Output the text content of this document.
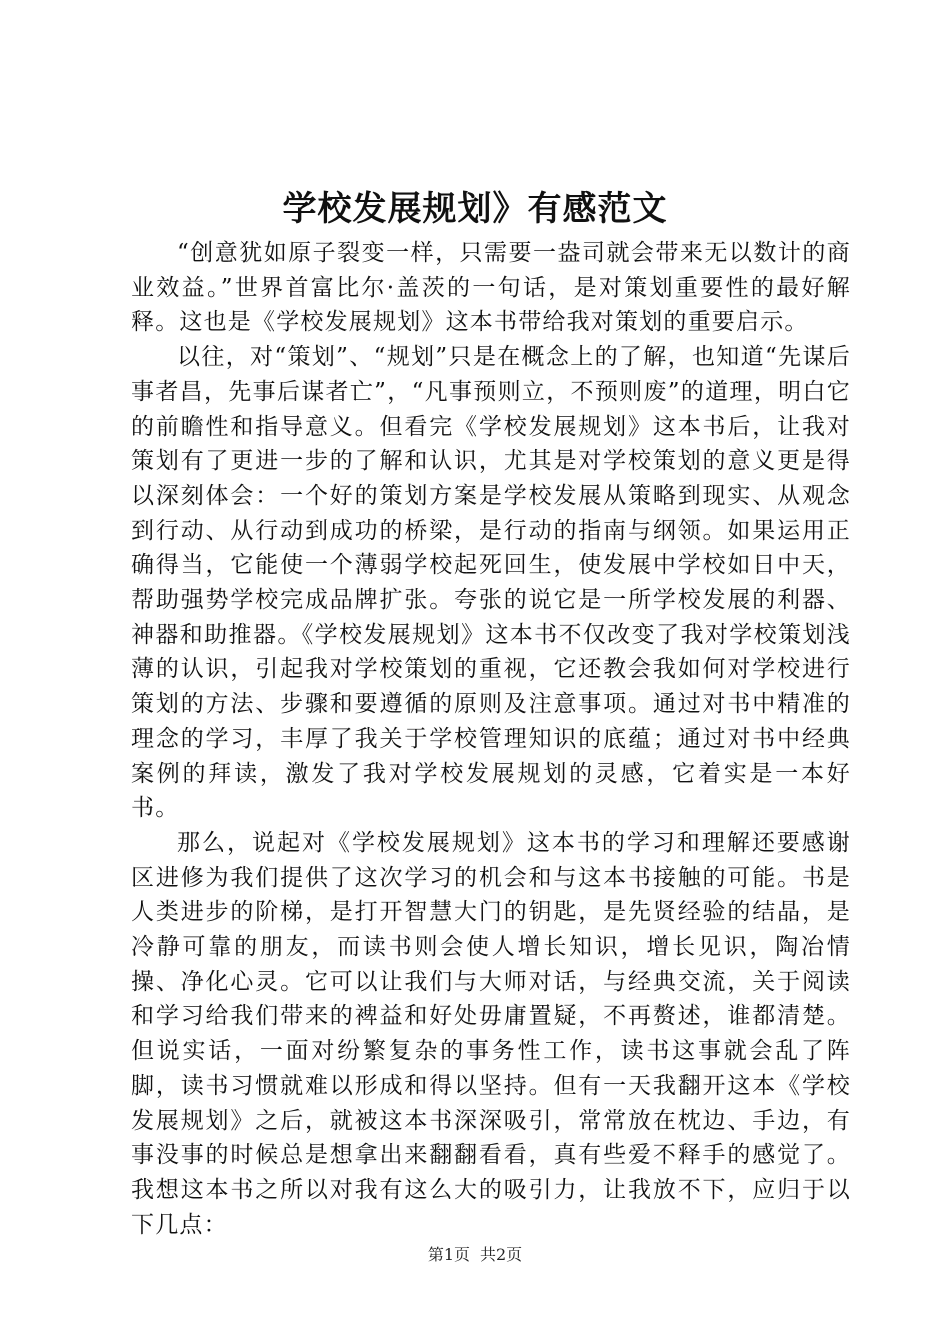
学校发展规划》有感范文

“创意犹如原子裂变一样，只需要一盎司就会带来无以数计的商业效益。”世界首富比尔·盖茨的一句话，是对策划重要性的最好解释。这也是《学校发展规划》这本书带给我对策划的重要启示。

以往，对“策划”、“规划”只是在概念上的了解，也知道“先谋后事者昌，先事后谋者亡”，“凡事预则立，不预则废”的道理，明白它的前瞻性和指导意义。但看完《学校发展规划》这本书后，让我对策划有了更进一步的了解和认识，尤其是对学校策划的意义更是得以深刻体会：一个好的策划方案是学校发展从策略到现实、从观念到行动、从行动到成功的桥梁，是行动的指南与纲领。如果运用正确得当，它能使一个薄弱学校起死回生，使发展中学校如日中天，帮助强势学校完成品牌扩张。夸张的说它是一所学校发展的利器、神器和助推器。《学校发展规划》这本书不仅改变了我对学校策划浅薄的认识，引起我对学校策划的重视，它还教会我如何对学校进行策划的方法、步骤和要遵循的原则及注意事项。通过对书中精准的理念的学习，丰厚了我关于学校管理知识的底蕴；通过对书中经典案例的拜读，激发了我对学校发展规划的灵感，它着实是一本好书。

那么，说起对《学校发展规划》这本书的学习和理解还要感谢区进修为我们提供了这次学习的机会和与这本书接触的可能。书是人类进步的阶梯，是打开智慧大门的钥匙，是先贤经验的结晶，是冷静可靠的朋友，而读书则会使人增长知识，增长见识，陶冶情操、净化心灵。它可以让我们与大师对话，与经典交流，关于阅读和学习给我们带来的裨益和好处毋庸置疑，不再赘述，谁都清楚。但说实话，一面对纷繁复杂的事务性工作，读书这事就会乱了阵脚，读书习惯就难以形成和得以坚持。但有一天我翻开这本《学校发展规划》之后，就被这本书深深吸引，常常放在枕边、手边，有事没事的时候总是想拿出来翻翻看看，真有些爱不释手的感觉了。我想这本书之所以对我有这么大的吸引力，让我放不下，应归于以下几点：

第1页 共2页
